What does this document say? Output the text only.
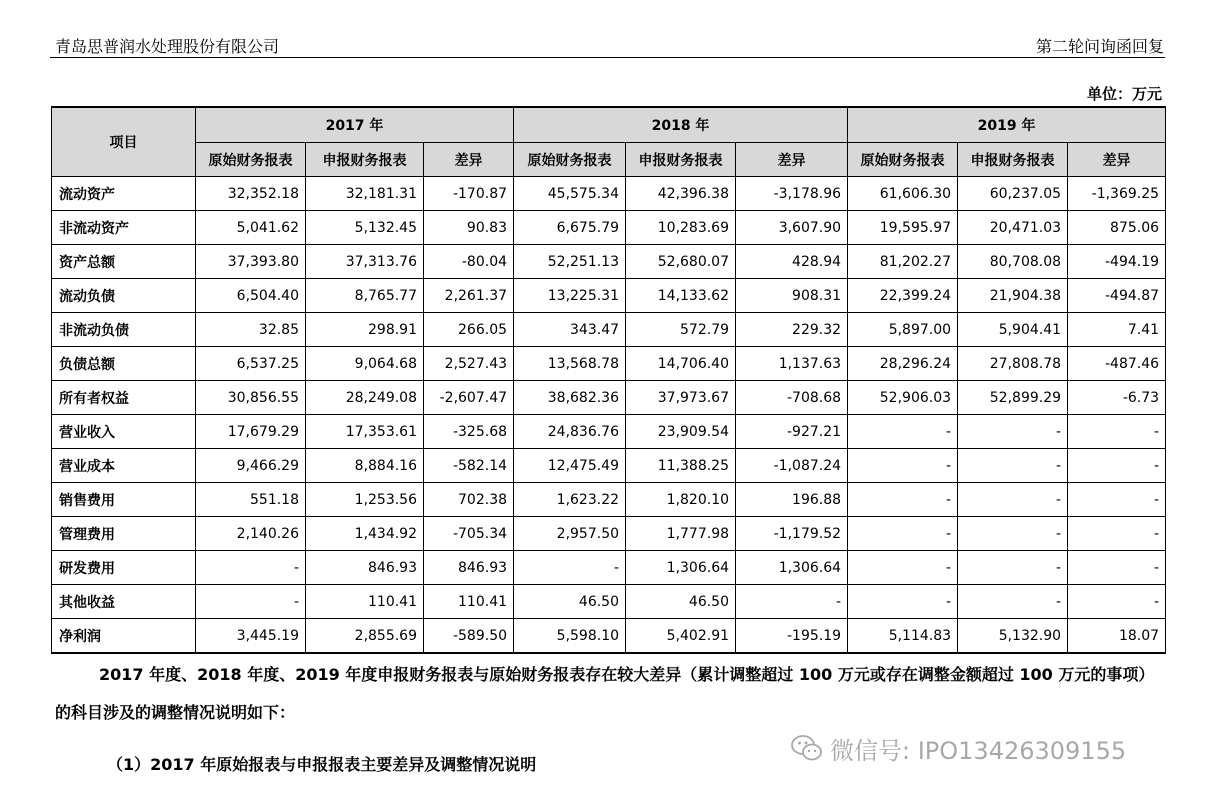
青岛思普润水处理股份有限公司	第二轮问询函回复
单位：万元
项目	2017 年			2018 年			2019 年		
	原始财务报表	申报财务报表	差异	原始财务报表	申报财务报表	差异	原始财务报表	申报财务报表	差异
流动资产	32,352.18	32,181.31	-170.87	45,575.34	42,396.38	-3,178.96	61,606.30	60,237.05	-1,369.25
非流动资产	5,041.62	5,132.45	90.83	6,675.79	10,283.69	3,607.90	19,595.97	20,471.03	875.06
资产总额	37,393.80	37,313.76	-80.04	52,251.13	52,680.07	428.94	81,202.27	80,708.08	-494.19
流动负债	6,504.40	8,765.77	2,261.37	13,225.31	14,133.62	908.31	22,399.24	21,904.38	-494.87
非流动负债	32.85	298.91	266.05	343.47	572.79	229.32	5,897.00	5,904.41	7.41
负债总额	6,537.25	9,064.68	2,527.43	13,568.78	14,706.40	1,137.63	28,296.24	27,808.78	-487.46
所有者权益	30,856.55	28,249.08	-2,607.47	38,682.36	37,973.67	-708.68	52,906.03	52,899.29	-6.73
营业收入	17,679.29	17,353.61	-325.68	24,836.76	23,909.54	-927.21	-	-	-
营业成本	9,466.29	8,884.16	-582.14	12,475.49	11,388.25	-1,087.24	-	-	-
销售费用	551.18	1,253.56	702.38	1,623.22	1,820.10	196.88	-	-	-
管理费用	2,140.26	1,434.92	-705.34	2,957.50	1,777.98	-1,179.52	-	-	-
研发费用	-	846.93	846.93	-	1,306.64	1,306.64	-	-	-
其他收益	-	110.41	110.41	46.50	46.50	-	-	-	-
净利润	3,445.19	2,855.69	-589.50	5,598.10	5,402.91	-195.19	5,114.83	5,132.90	18.07
2017 年度、2018 年度、2019 年度申报财务报表与原始财务报表存在较大差异（累计调整超过 100 万元或存在调整金额超过 100 万元的事项）的科目涉及的调整情况说明如下：
（1）2017 年原始报表与申报报表主要差异及调整情况说明	微信号: IPO13426309155
